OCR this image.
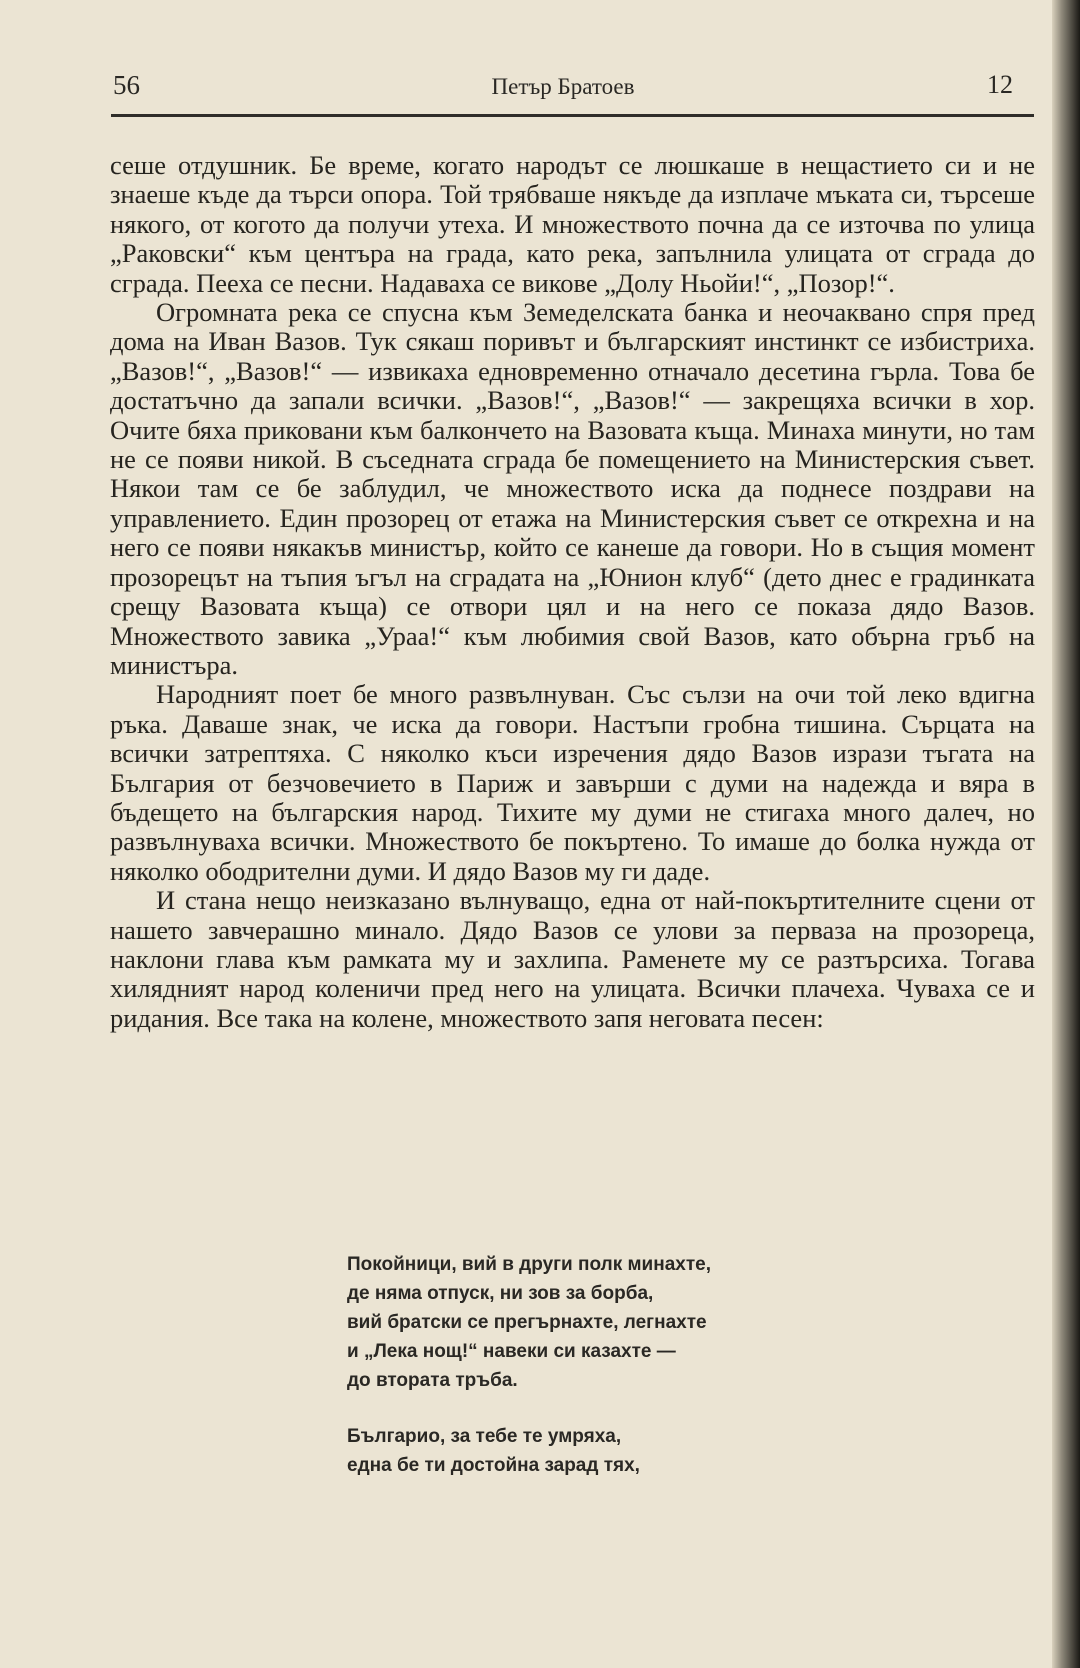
56	Петър Братоев	12

сеше отдушник. Бе време, когато народът се люшкаше в нещастието си и не знаеше къде да търси опора. Той трябваше някъде да изплаче мъката си, търсеше някого, от когото да получи утеха. И множеството почна да се източва по улица „Раковски“ към центъра на града, като река, запълнила улицата от сграда до сграда. Пееха се песни. Надаваха се викове „Долу Ньойи!“, „Позор!“.

Огромната река се спусна към Земеделската банка и неочаквано спря пред дома на Иван Вазов. Тук сякаш поривът и българският инстинкт се избистриха. „Вазов!“, „Вазов!“ — извикаха едновременно отначало десетина гърла. Това бе достатъчно да запали всички. „Вазов!“, „Вазов!“ — закрещяха всички в хор. Очите бяха приковани към балкончето на Вазовата къща. Минаха минути, но там не се появи никой. В съседната сграда бе помещението на Министерския съвет. Някои там се бе заблудил, че множеството иска да поднесе поздрави на управлението. Един прозорец от етажа на Министерския съвет се открехна и на него се появи някакъв министър, който се канеше да говори. Но в същия момент прозорецът на тъпия ъгъл на сградата на „Юнион клуб“ (дето днес е градинката срещу Вазовата къща) се отвори цял и на него се показа дядо Вазов. Множеството завика „Ураа!“ към любимия свой Вазов, като обърна гръб на министъра.

Народният поет бе много развълнуван. Със сълзи на очи той леко вдигна ръка. Даваше знак, че иска да говори. Настъпи гробна тишина. Сърцата на всички затрептяха. С няколко къси изречения дядо Вазов изрази тъгата на България от безчовечието в Париж и завърши с думи на надежда и вяра в бъдещето на българския народ. Тихите му думи не стигаха много далеч, но развълнуваха всички. Множеството бе покъртено. То имаше до болка нужда от няколко ободрителни думи. И дядо Вазов му ги даде.

И стана нещо неизказано вълнуващо, една от най-покъртителните сцени от нашето завчерашно минало. Дядо Вазов се улови за перваза на прозореца, наклони глава към рамката му и захлипа. Раменете му се разтърсиха. Тогава хилядният народ коленичи пред него на улицата. Всички плачеха. Чуваха се и ридания. Все така на колене, множеството запя неговата песен:

Покойници, вий в други полк минахте,
де няма отпуск, ни зов за борба,
вий братски се прегърнахте, легнахте
и „Лека нощ!“ навеки си казахте —
до втората тръба.
Българио, за тебе те умряха,
една бе ти достойна зарад тях,
